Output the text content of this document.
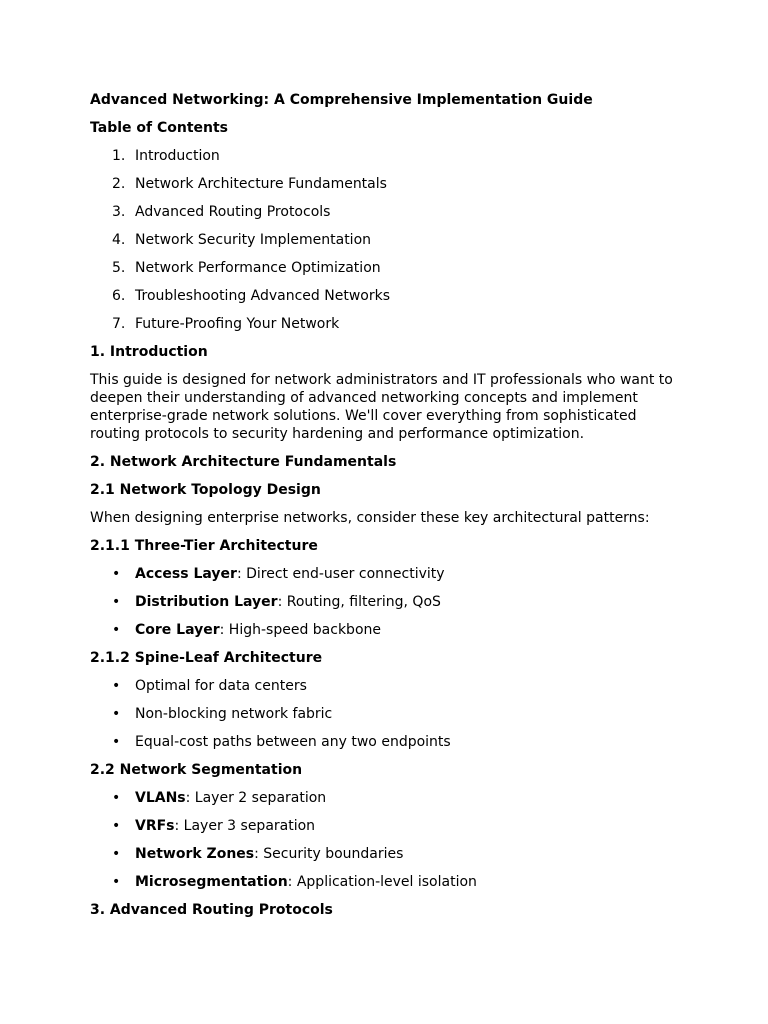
Advanced Networking: A Comprehensive Implementation Guide
Table of Contents
1. Introduction
2. Network Architecture Fundamentals
3. Advanced Routing Protocols
4. Network Security Implementation
5. Network Performance Optimization
6. Troubleshooting Advanced Networks
7. Future-Proofing Your Network
1. Introduction

This guide is designed for network administrators and IT professionals who want to deepen their understanding of advanced networking concepts and implement enterprise-grade network solutions. We'll cover everything from sophisticated routing protocols to security hardening and performance optimization.

2. Network Architecture Fundamentals
2.1 Network Topology Design

When designing enterprise networks, consider these key architectural patterns:

2.1.1 Three-Tier Architecture
• Access Layer: Direct end-user connectivity
• Distribution Layer: Routing, filtering, QoS
• Core Layer: High-speed backbone
2.1.2 Spine-Leaf Architecture
• Optimal for data centers
• Non-blocking network fabric
• Equal-cost paths between any two endpoints
2.2 Network Segmentation
• VLANs: Layer 2 separation
• VRFs: Layer 3 separation
• Network Zones: Security boundaries
• Microsegmentation: Application-level isolation
3. Advanced Routing Protocols
